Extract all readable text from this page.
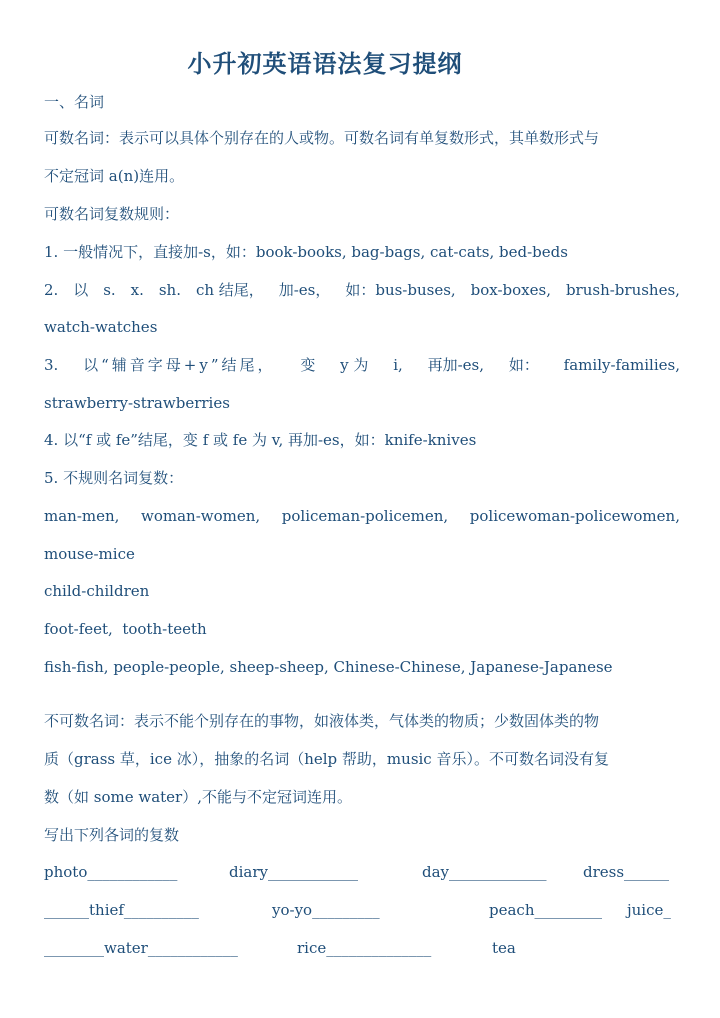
小升初英语语法复习提纲
一、名词
可数名词：表示可以具体个别存在的人或物。可数名词有单复数形式，其单数形式与
不定冠词 a(n)连用。
可数名词复数规则：
1. 一般情况下，直接加-s，如：book-books, bag-bags, cat-cats, bed-beds
2. 以 s. x. sh. ch 结尾， 加-es， 如：bus-buses, box-boxes, brush-brushes,
watch-watches
3. 以“辅音字母+y”结尾， 变 y 为 i, 再加-es, 如： family-families,
strawberry-strawberries
4. 以“f 或 fe”结尾，变 f 或 fe 为 v, 再加-es，如：knife-knives
5. 不规则名词复数：
man-men, woman-women, policeman-policemen, policewoman-policewomen,
mouse-mice
child-children
foot-feet,  tooth-teeth
fish-fish, people-people, sheep-sheep, Chinese-Chinese, Japanese-Japanese
不可数名词：表示不能个别存在的事物，如液体类，气体类的物质；少数固体类的物
质（grass 草，ice 冰），抽象的名词（help 帮助，music 音乐）。不可数名词没有复
数（如 some water）,不能与不定冠词连用。
写出下列各词的复数
photo____________	diary____________	day_____________ dress______
______thief__________	yo-yo_________	peach_________ juice_
________water____________	rice______________	tea
